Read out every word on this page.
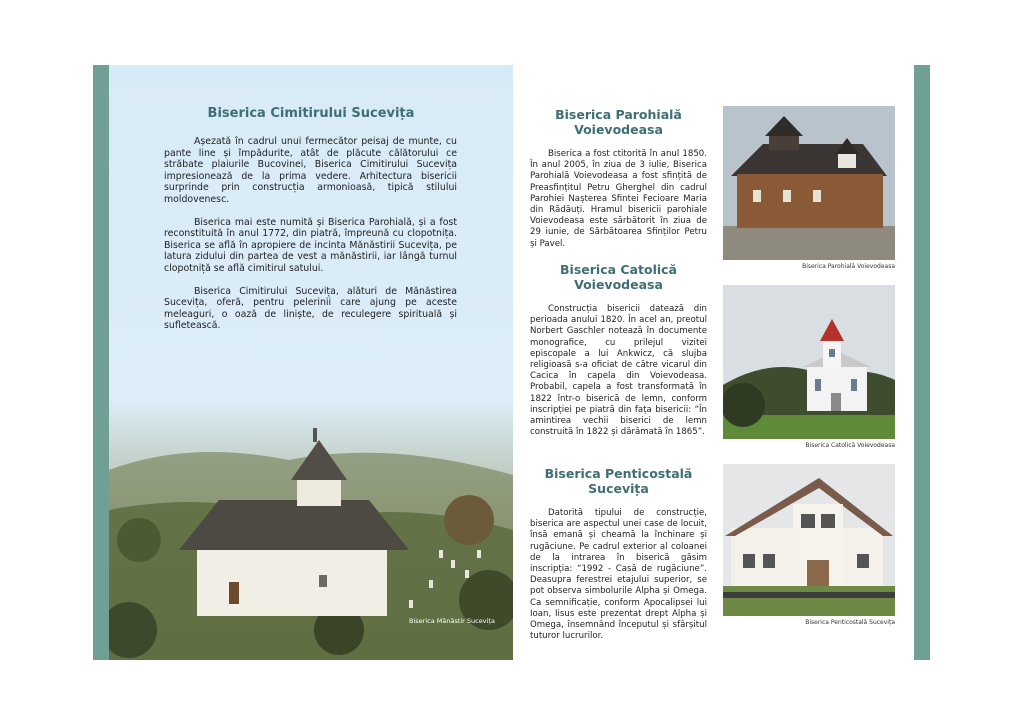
Biserica Cimitirului Sucevița

Așezată în cadrul unui fermecător peisaj de munte, cu pante line și împădurite, atât de plăcute călătorului ce străbate plaiurile Bucovinei, Biserica Cimitirului Sucevița impresionează de la prima vedere. Arhitectura bisericii surprinde prin construcția armonioasă, tipică stilului moldovenesc.

Biserica mai este numită și Biserica Parohială, și a fost reconstituită în anul 1772, din piatră, împreună cu clopotnița. Biserica se află în apropiere de incinta Mănăstirii Sucevița, pe latura zidului din partea de vest a mănăstirii, iar lângă turnul clopotniță se află cimitirul satului.

Biserica Cimitirului Sucevița, alături de Mănăstirea Sucevița, oferă, pentru pelerinii care ajung pe aceste meleaguri, o oază de liniște, de reculegere spirituală și sufletească.

Biserica Mănăstir Sucevița
Biserica Parohială Voievodeasa
Biserica a fost ctitorită în anul 1850. În anul 2005, în ziua de 3 iulie, Biserica Parohială Voievodeasa a fost sfințită de Preasfințitul Petru Gherghel din cadrul Parohiei Nașterea Sfintei Fecioare Maria din Rădăuți. Hramul bisericii parohiale Voievodeasa este sărbătorit în ziua de 29 iunie, de Sărbătoarea Sfinților Petru și Pavel.
Biserica Parohială Voievodeasa
Biserica Catolică Voievodeasa
Construcția bisericii datează din perioada anului 1820. În acel an, preotul Norbert Gaschler notează în documente monografice, cu prilejul vizitei episcopale a lui Ankwicz, că slujba religioasă s-a oficiat de către vicarul din Cacica în capela din Voievodeasa. Probabil, capela a fost transformată în 1822 într-o biserică de lemn, conform inscripției pe piatră din fața bisericii: “În amintirea vechii biserici de lemn construită în 1822 și dărâmată în 1865”.
Biserica Catolică Voievodeasa
Biserica Penticostală Sucevița
Datorită tipului de construcție, biserica are aspectul unei case de locuit, însă emană și cheamă la închinare și rugăciune. Pe cadrul exterior al coloanei de la intrarea în biserică găsim inscripția: “1992 - Casă de rugăciune”. Deasupra ferestrei etajului superior, se pot observa simbolurile Alpha și Omega. Ca semnificație, conform Apocalipsei lui Ioan, Iisus este prezentat drept Alpha și Omega, însemnând începutul și sfârșitul tuturor lucrurilor.
Biserica Penticostală Sucevița
